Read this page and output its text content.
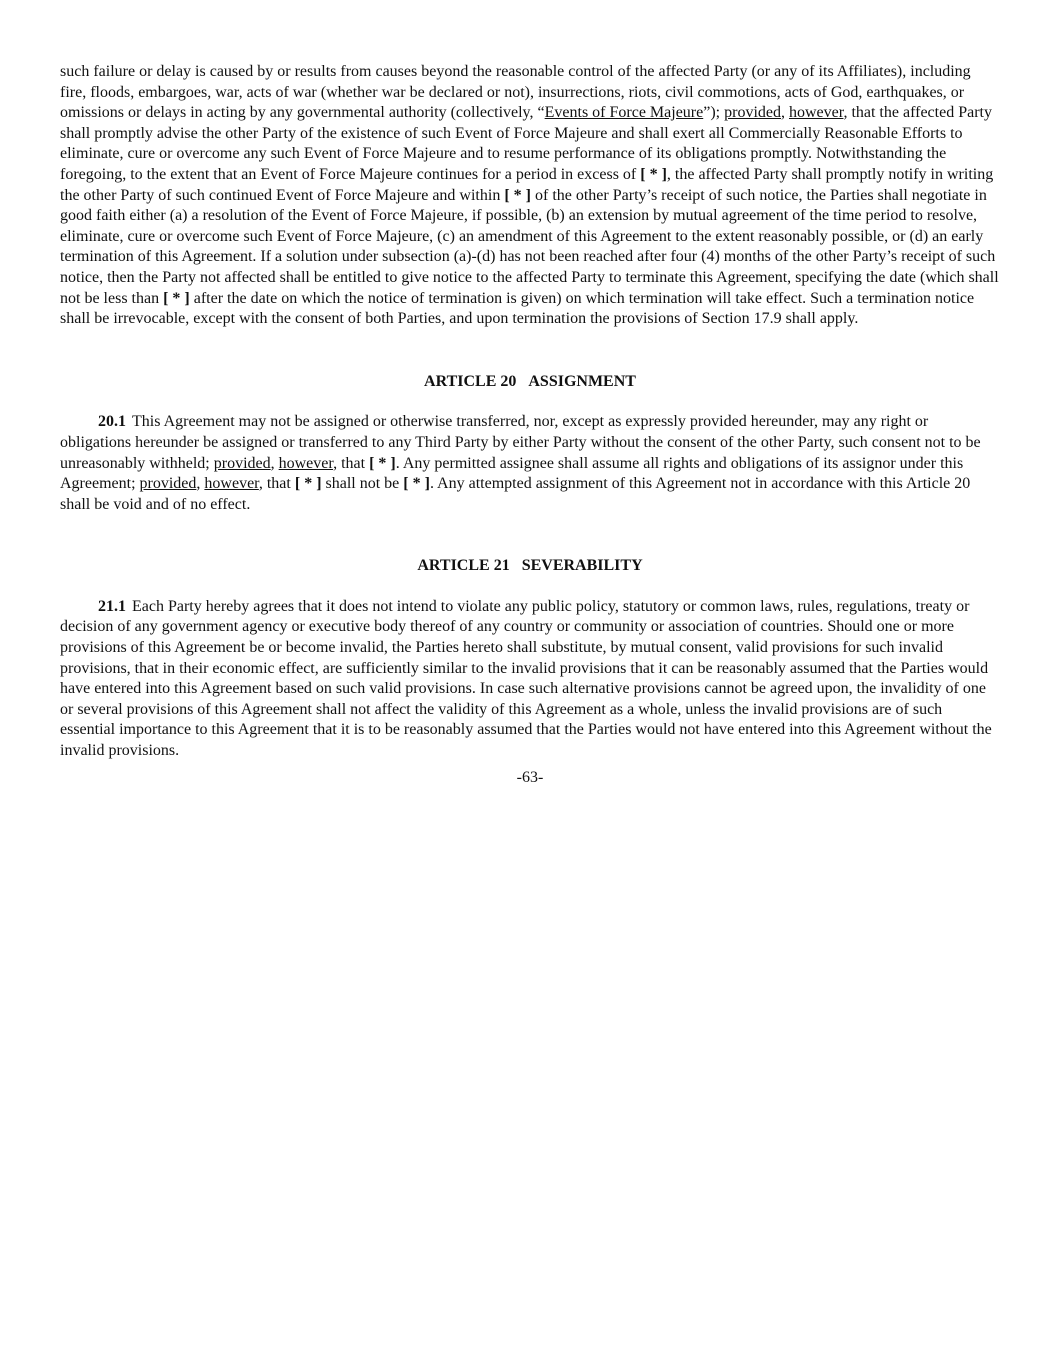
such failure or delay is caused by or results from causes beyond the reasonable control of the affected Party (or any of its Affiliates), including fire, floods, embargoes, war, acts of war (whether war be declared or not), insurrections, riots, civil commotions, acts of God, earthquakes, or omissions or delays in acting by any governmental authority (collectively, “Events of Force Majeure”); provided, however, that the affected Party shall promptly advise the other Party of the existence of such Event of Force Majeure and shall exert all Commercially Reasonable Efforts to eliminate, cure or overcome any such Event of Force Majeure and to resume performance of its obligations promptly. Notwithstanding the foregoing, to the extent that an Event of Force Majeure continues for a period in excess of [ * ], the affected Party shall promptly notify in writing the other Party of such continued Event of Force Majeure and within [ * ] of the other Party’s receipt of such notice, the Parties shall negotiate in good faith either (a) a resolution of the Event of Force Majeure, if possible, (b) an extension by mutual agreement of the time period to resolve, eliminate, cure or overcome such Event of Force Majeure, (c) an amendment of this Agreement to the extent reasonably possible, or (d) an early termination of this Agreement. If a solution under subsection (a)-(d) has not been reached after four (4) months of the other Party’s receipt of such notice, then the Party not affected shall be entitled to give notice to the affected Party to terminate this Agreement, specifying the date (which shall not be less than [ * ] after the date on which the notice of termination is given) on which termination will take effect. Such a termination notice shall be irrevocable, except with the consent of both Parties, and upon termination the provisions of Section 17.9 shall apply.

ARTICLE 20   ASSIGNMENT

20.1 This Agreement may not be assigned or otherwise transferred, nor, except as expressly provided hereunder, may any right or obligations hereunder be assigned or transferred to any Third Party by either Party without the consent of the other Party, such consent not to be unreasonably withheld; provided, however, that [ * ]. Any permitted assignee shall assume all rights and obligations of its assignor under this Agreement; provided, however, that [ * ] shall not be [ * ]. Any attempted assignment of this Agreement not in accordance with this Article 20 shall be void and of no effect.

ARTICLE 21   SEVERABILITY

21.1 Each Party hereby agrees that it does not intend to violate any public policy, statutory or common laws, rules, regulations, treaty or decision of any government agency or executive body thereof of any country or community or association of countries. Should one or more provisions of this Agreement be or become invalid, the Parties hereto shall substitute, by mutual consent, valid provisions for such invalid provisions, that in their economic effect, are sufficiently similar to the invalid provisions that it can be reasonably assumed that the Parties would have entered into this Agreement based on such valid provisions. In case such alternative provisions cannot be agreed upon, the invalidity of one or several provisions of this Agreement shall not affect the validity of this Agreement as a whole, unless the invalid provisions are of such essential importance to this Agreement that it is to be reasonably assumed that the Parties would not have entered into this Agreement without the invalid provisions.

-63-
